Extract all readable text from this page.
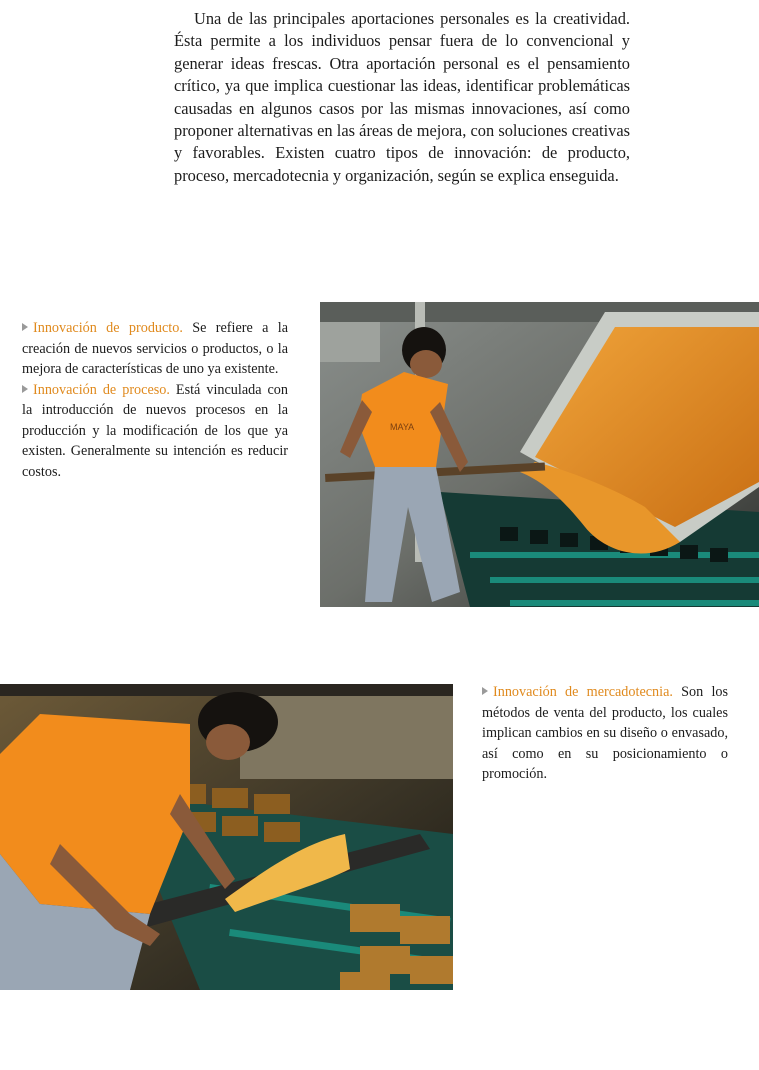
Una de las principales aportaciones personales es la creatividad. Ésta permite a los individuos pensar fuera de lo convencional y generar ideas frescas. Otra aportación personal es el pensamiento crítico, ya que implica cuestionar las ideas, identificar problemáticas causadas en algunos casos por las mismas innovaciones, así como proponer alternativas en las áreas de mejora, con soluciones creativas y favorables. Existen cuatro tipos de innovación: de producto, proceso, mercadotecnia y organización, según se explica enseguida.

Innovación de producto. Se refiere a la creación de nuevos servicios o productos, o la mejora de características de uno ya existente.

Innovación de proceso. Está vinculada con la introducción de nuevos procesos en la producción y la modificación de los que ya existen. Generalmente su intención es reducir costos.

Innovación de mercadotecnia. Son los métodos de venta del producto, los cuales implican cambios en su diseño o envasado, así como en su posicionamiento o promoción.

MAYA
